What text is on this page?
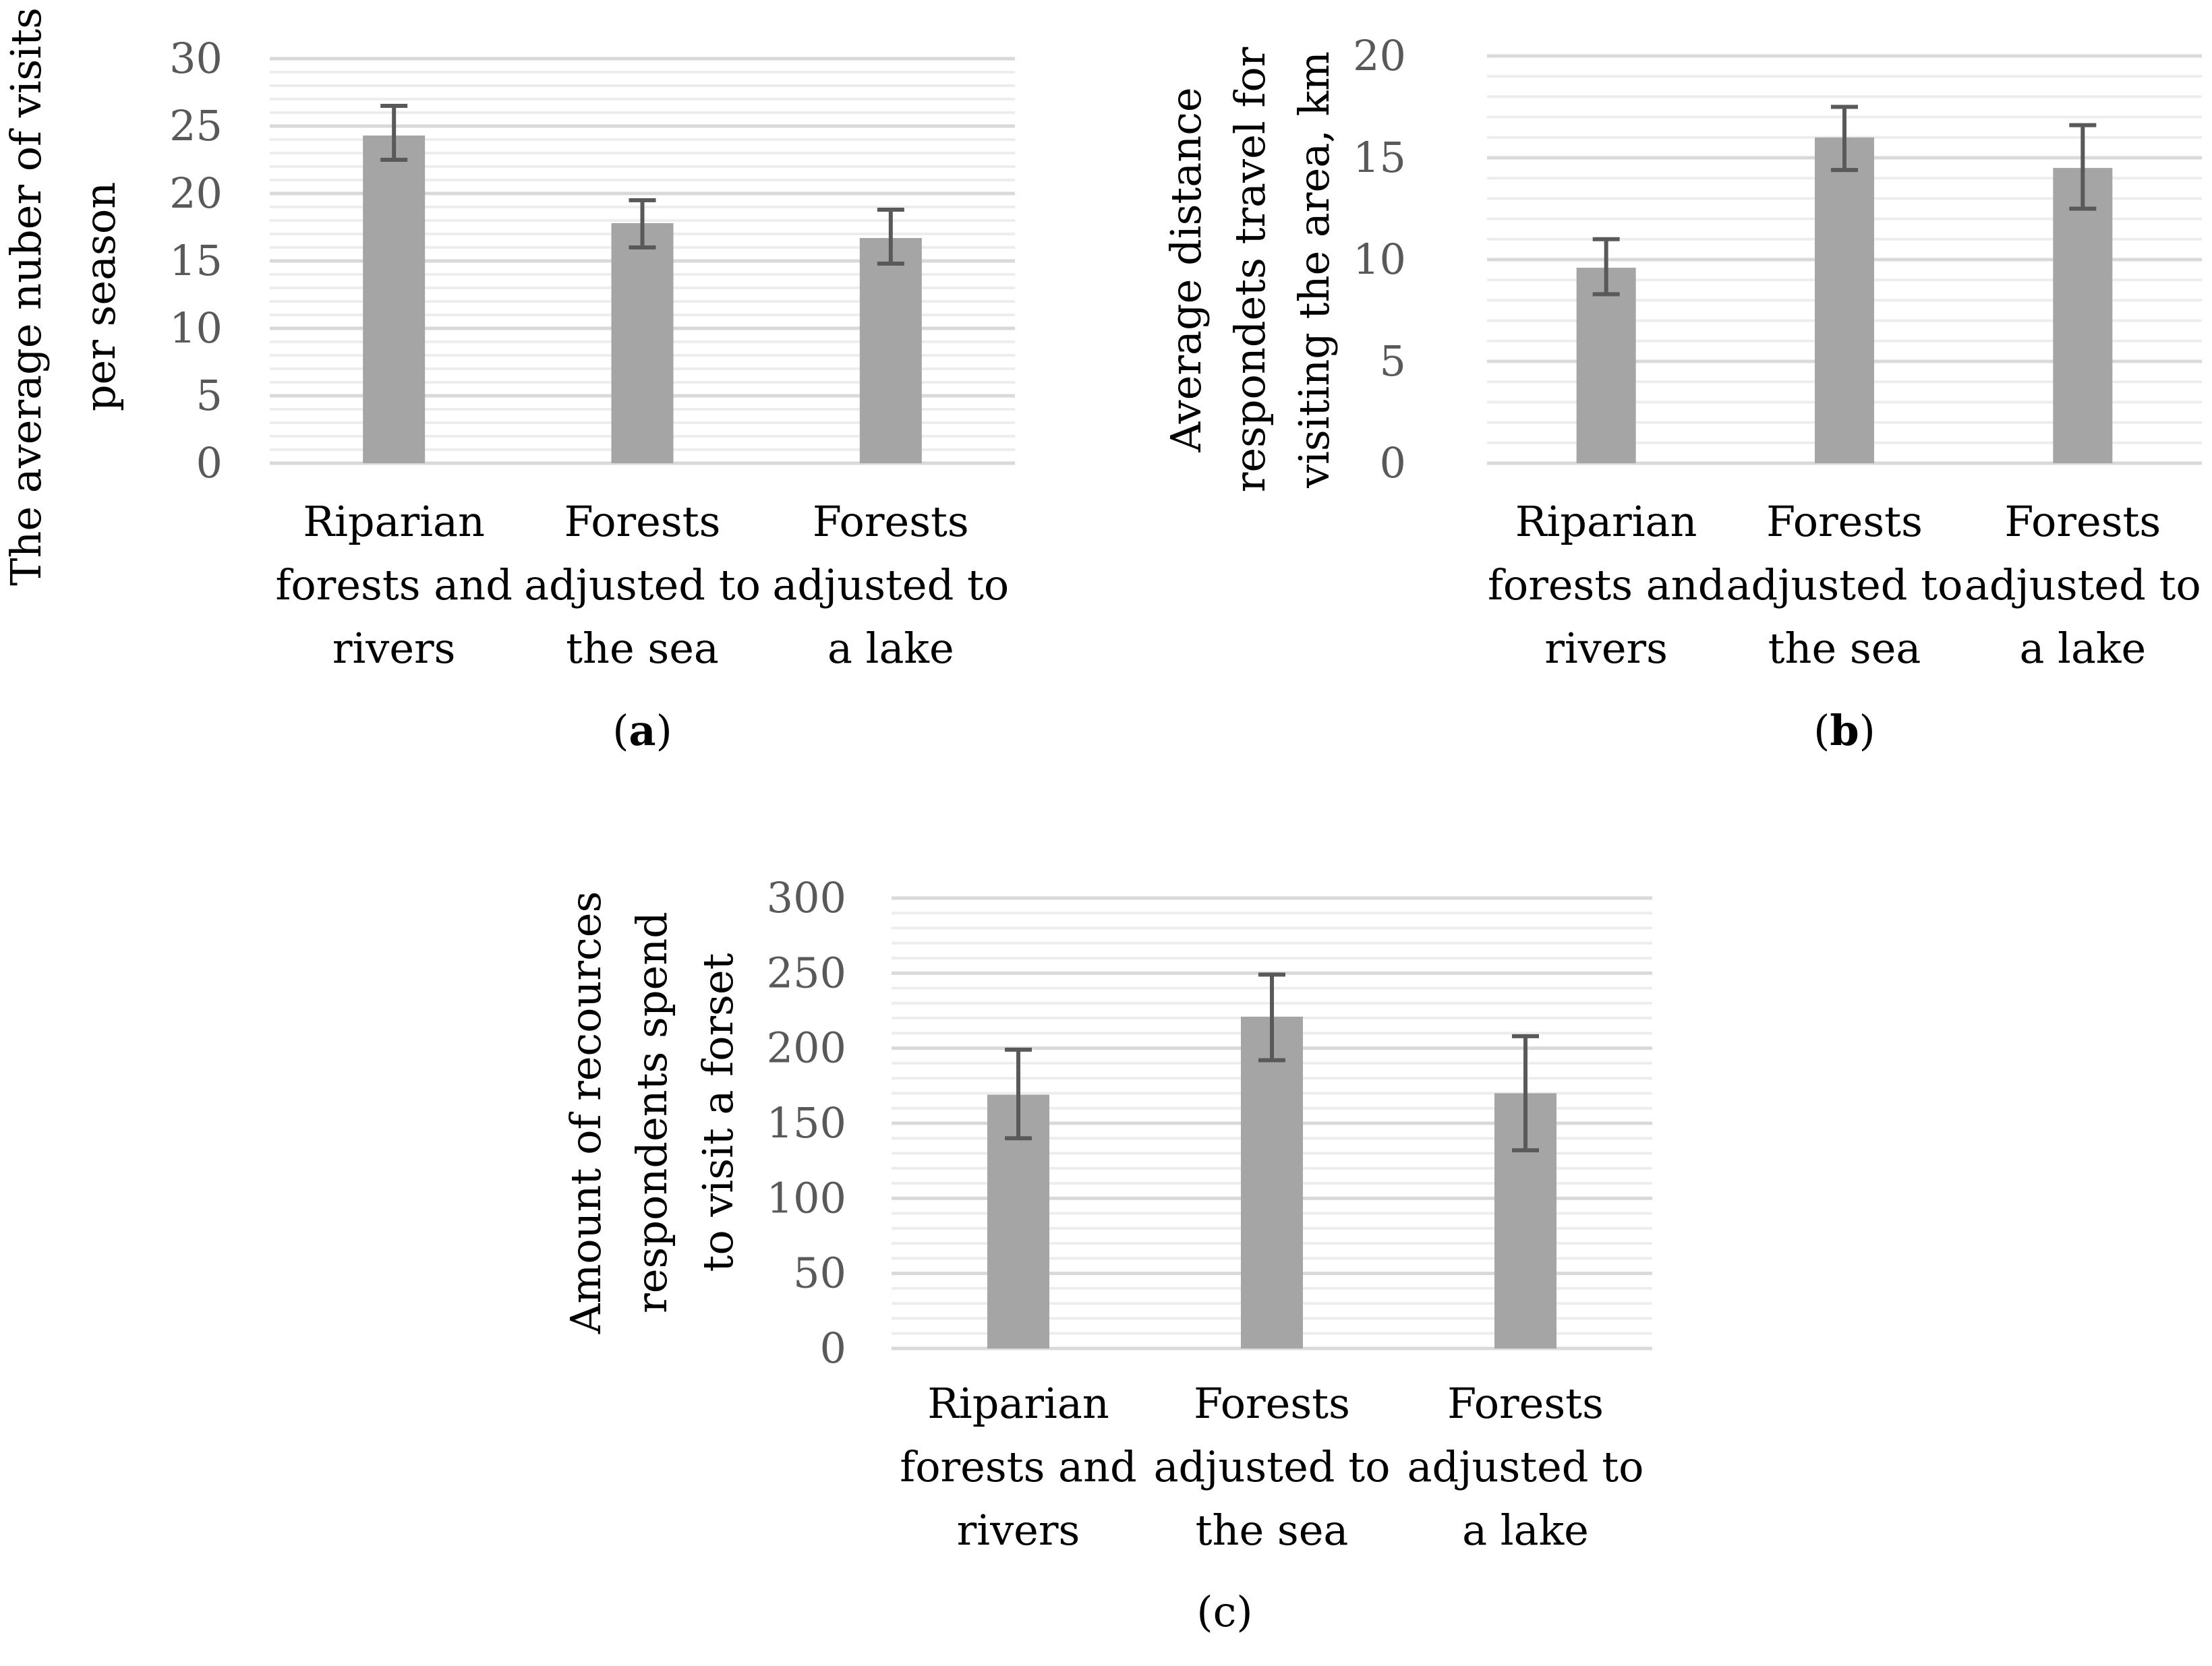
0
5
10
15
20
25
30
Riparian forests and rivers
Forests adjusted to the sea
Forests adjusted to a lake
The average nuber of visits per season
(a)
0
5
10
15
20
Riparian forests and rivers
Forests adjusted to the sea
Forests adjusted to a lake
Average distance respondets travel for visiting the area, km
(b)
0
50
100
150
200
250
300
Riparian forests and rivers
Forests adjusted to the sea
Forests adjusted to a lake
Amount of recources respondents spend to visit a forset
(c)
